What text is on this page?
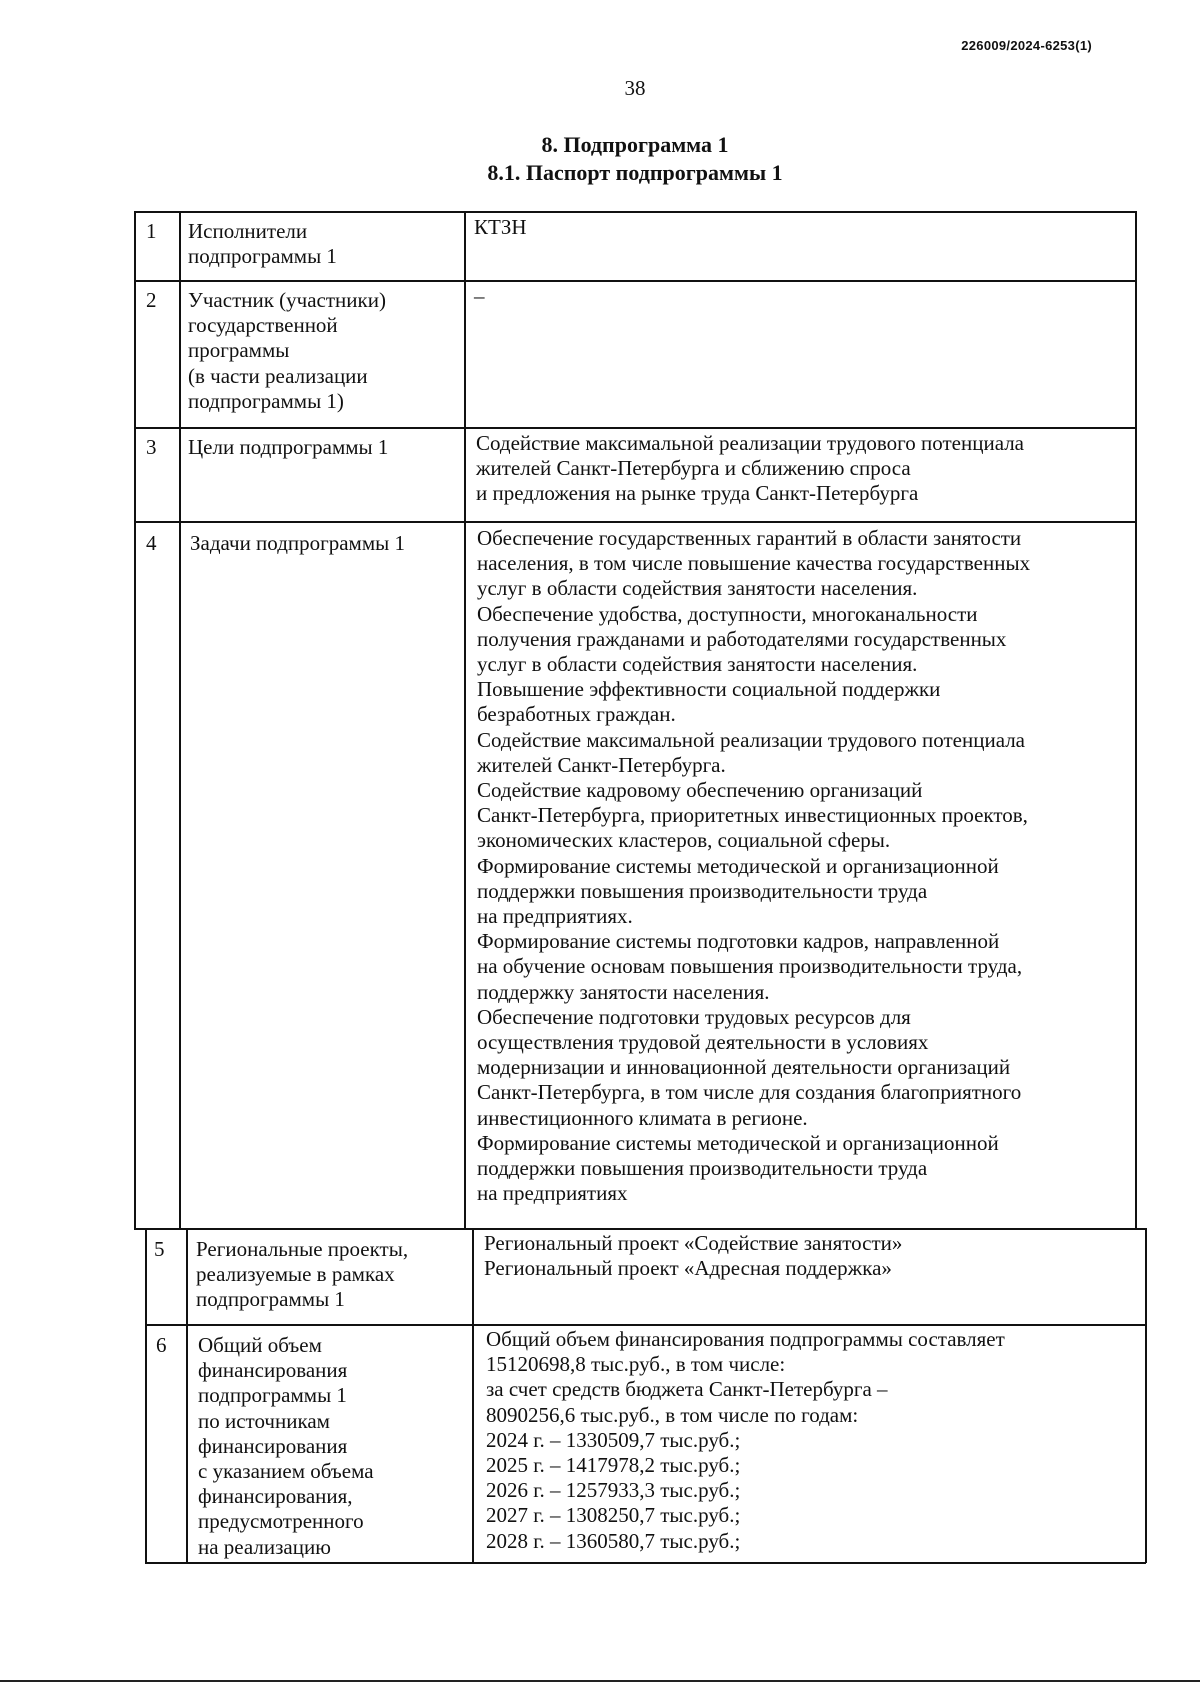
226009/2024-6253(1)
38
8. Подпрограмма 1
8.1. Паспорт подпрограммы 1
1 Исполнители
подпрограммы 1
КТЗН
2 Участник (участники)
государственной
программы
(в части реализации
подпрограммы 1)
–
3 Цели подпрограммы 1	Содействие максимальной реализации трудового потенциала
жителей Санкт-Петербурга и сближению спроса
и предложения на рынке труда Санкт-Петербурга
4 Задачи подпрограммы 1	Обеспечение государственных гарантий в области занятости
населения, в том числе повышение качества государственных
услуг в области содействия занятости населения.
Обеспечение удобства, доступности, многоканальности
получения гражданами и работодателями государственных
услуг в области содействия занятости населения.
Повышение эффективности социальной поддержки
безработных граждан.
Содействие максимальной реализации трудового потенциала
жителей Санкт-Петербурга.
Содействие кадровому обеспечению организаций
Санкт-Петербурга, приоритетных инвестиционных проектов,
экономических кластеров, социальной сферы.
Формирование системы методической и организационной
поддержки повышения производительности труда
на предприятиях.
Формирование системы подготовки кадров, направленной
на обучение основам повышения производительности труда,
поддержку занятости населения.
Обеспечение подготовки трудовых ресурсов для
осуществления трудовой деятельности в условиях
модернизации и инновационной деятельности организаций
Санкт-Петербурга, в том числе для создания благоприятного
инвестиционного климата в регионе.
Формирование системы методической и организационной
поддержки повышения производительности труда
на предприятиях
5 Региональные проекты,
реализуемые в рамках
подпрограммы 1
Региональный проект «Содействие занятости»
Региональный проект «Адресная поддержка»
6 Общий объем
финансирования
подпрограммы 1
по источникам
финансирования
с указанием объема
финансирования,
предусмотренного
на реализацию
Общий объем финансирования подпрограммы составляет
15120698,8 тыс.руб., в том числе:
за счет средств бюджета Санкт-Петербурга –
8090256,6 тыс.руб., в том числе по годам:
2024 г. – 1330509,7 тыс.руб.;
2025 г. – 1417978,2 тыс.руб.;
2026 г. – 1257933,3 тыс.руб.;
2027 г. – 1308250,7 тыс.руб.;
2028 г. – 1360580,7 тыс.руб.;
